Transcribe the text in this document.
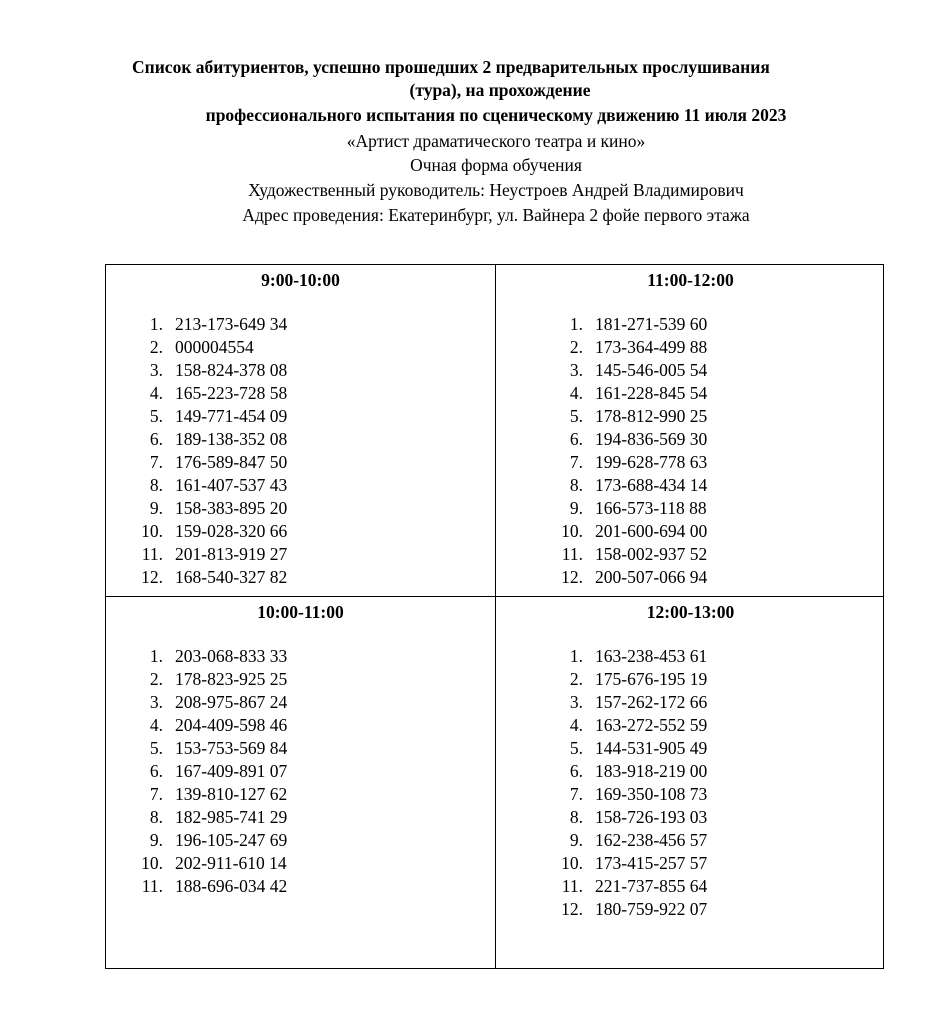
Список абитуриентов, успешно прошедших 2 предварительных прослушивания
(тура), на прохождение
профессионального испытания по сценическому движению 11 июля 2023
«Артист драматического театра и кино»
Очная форма обучения
Художественный руководитель: Неустроев Андрей Владимирович
Адрес проведения: Екатеринбург, ул. Вайнера 2 фойе первого этажа
9:00-10:00
1. 213-173-649 34
2. 000004554
3. 158-824-378 08
4. 165-223-728 58
5. 149-771-454 09
6. 189-138-352 08
7. 176-589-847 50
8. 161-407-537 43
9. 158-383-895 20
10. 159-028-320 66
11. 201-813-919 27
12. 168-540-327 82
11:00-12:00
1. 181-271-539 60
2. 173-364-499 88
3. 145-546-005 54
4. 161-228-845 54
5. 178-812-990 25
6. 194-836-569 30
7. 199-628-778 63
8. 173-688-434 14
9. 166-573-118 88
10. 201-600-694 00
11. 158-002-937 52
12. 200-507-066 94
10:00-11:00
1. 203-068-833 33
2. 178-823-925 25
3. 208-975-867 24
4. 204-409-598 46
5. 153-753-569 84
6. 167-409-891 07
7. 139-810-127 62
8. 182-985-741 29
9. 196-105-247 69
10. 202-911-610 14
11. 188-696-034 42
12:00-13:00
1. 163-238-453 61
2. 175-676-195 19
3. 157-262-172 66
4. 163-272-552 59
5. 144-531-905 49
6. 183-918-219 00
7. 169-350-108 73
8. 158-726-193 03
9. 162-238-456 57
10. 173-415-257 57
11. 221-737-855 64
12. 180-759-922 07
